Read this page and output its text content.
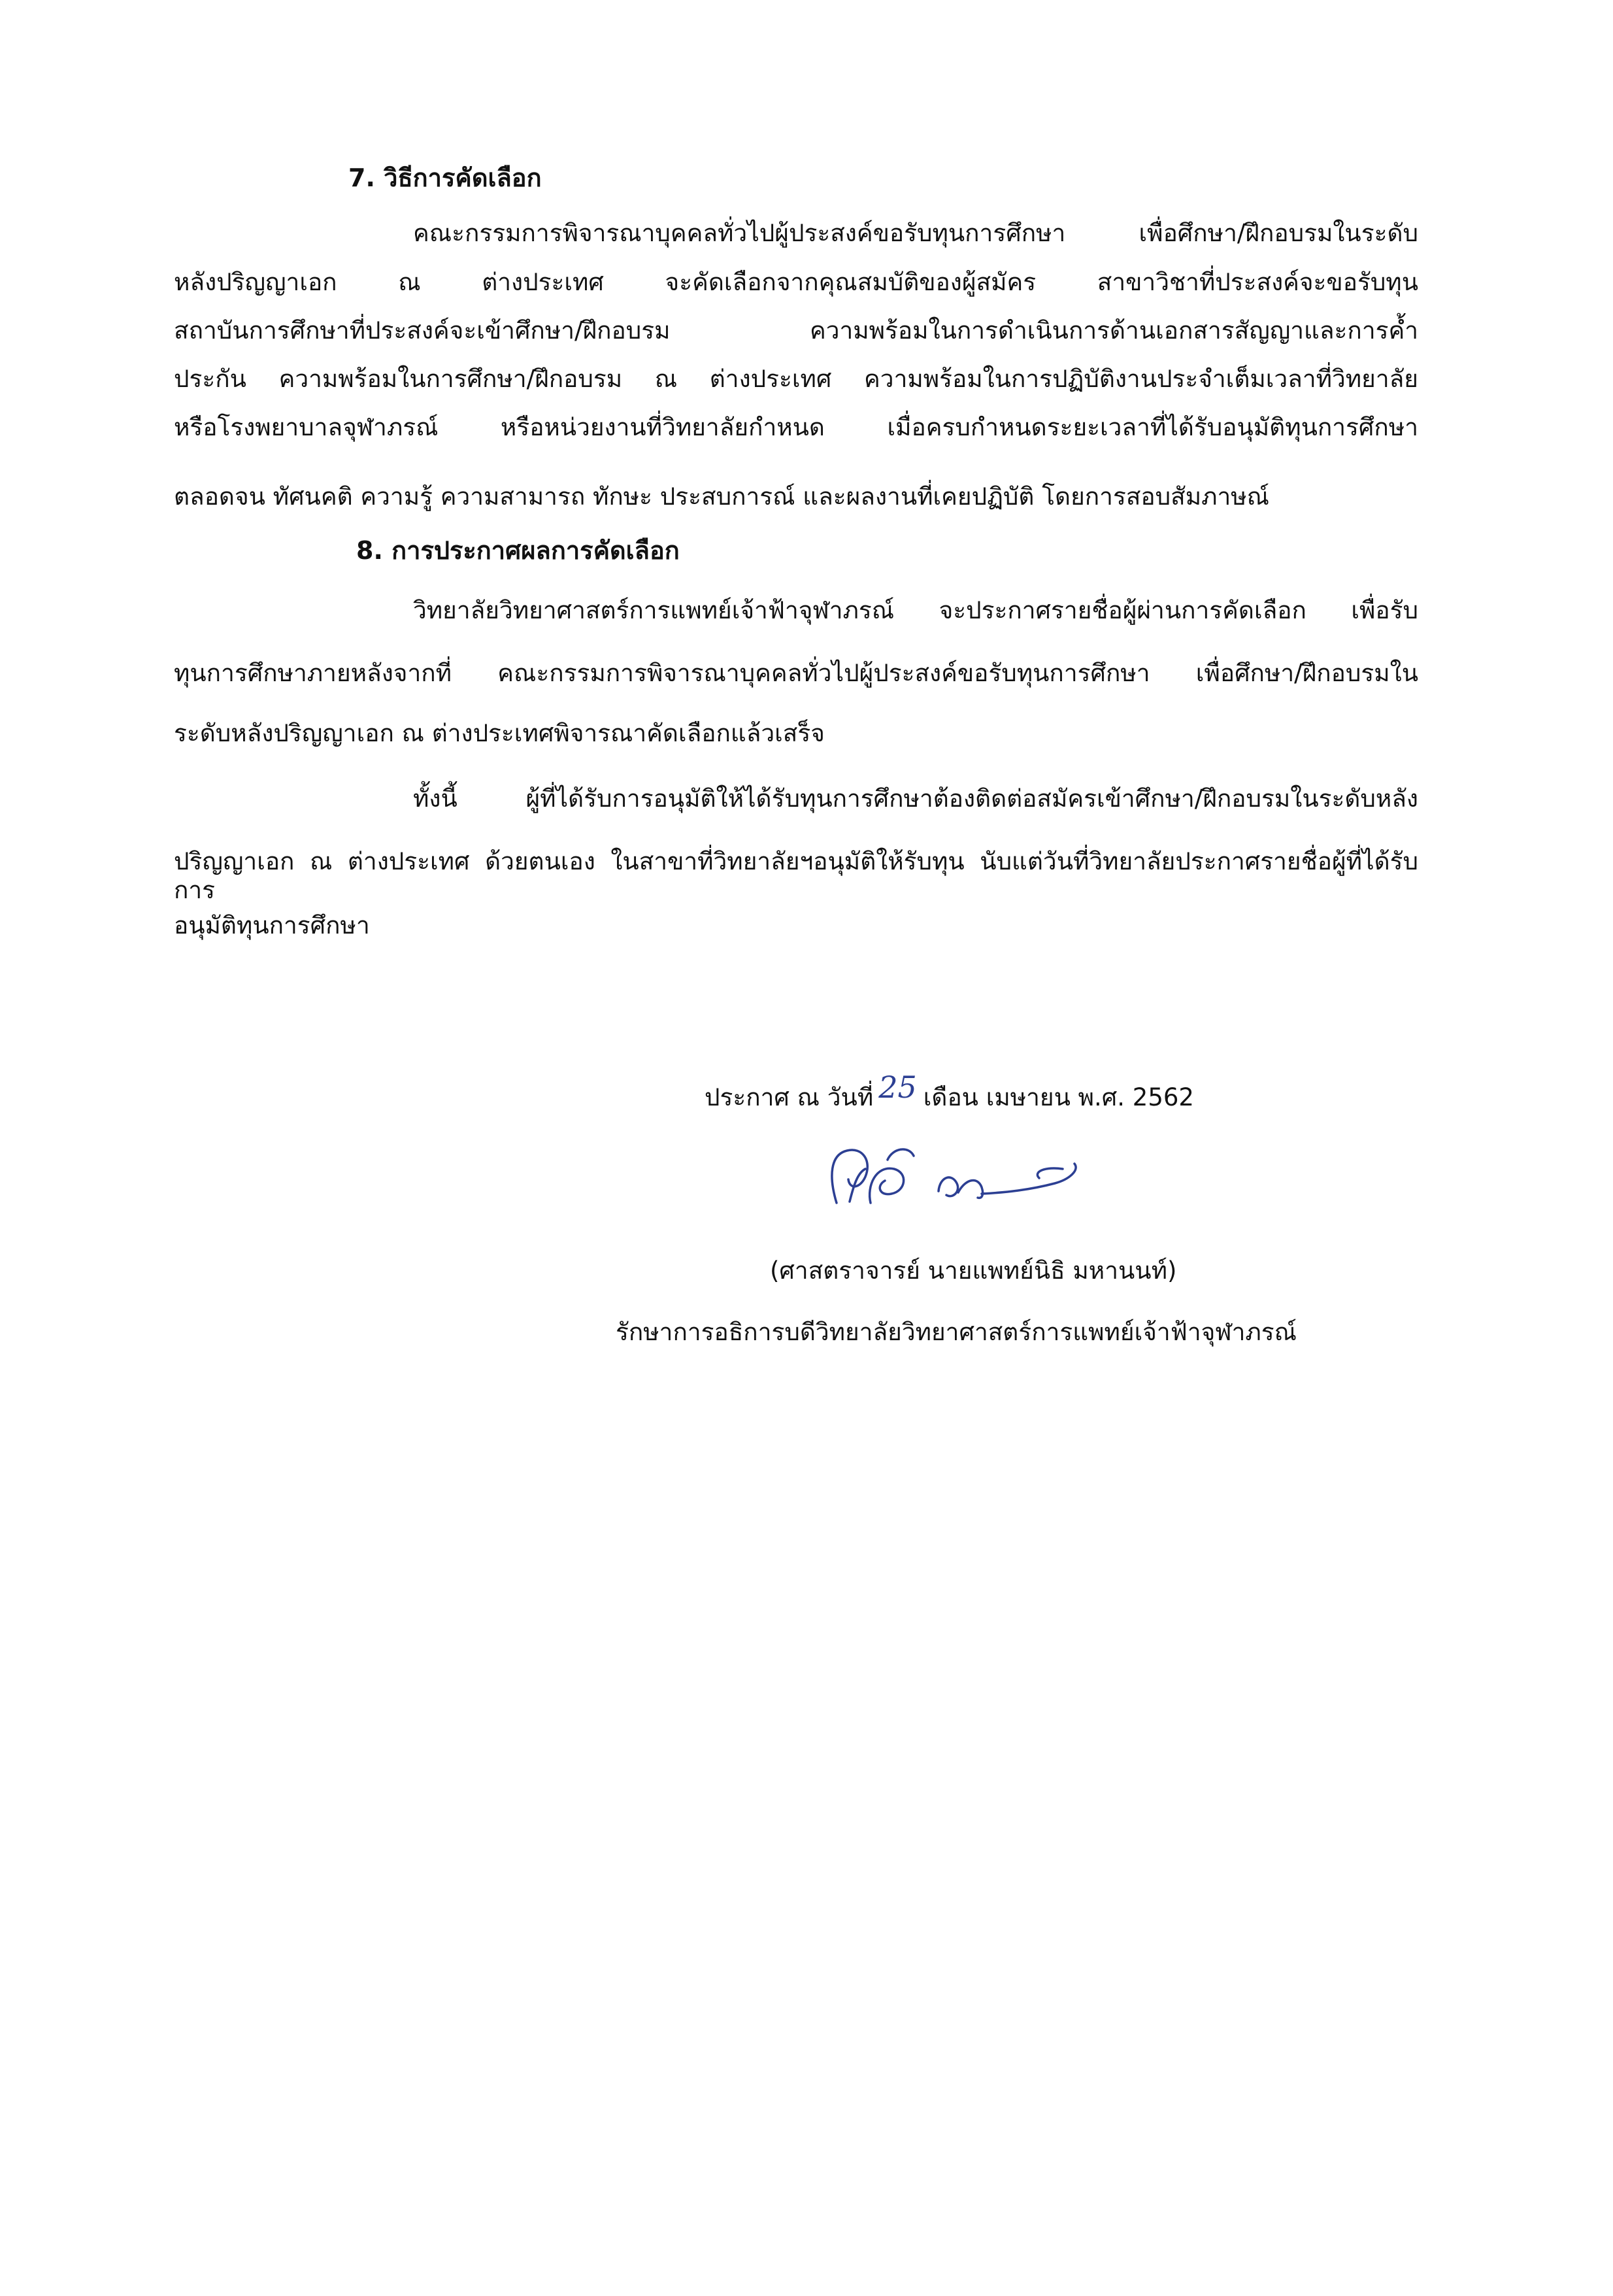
7. วิธีการคัดเลือก
คณะกรรมการพิจารณาบุคคลทั่วไปผู้ประสงค์ขอรับทุนการศึกษา เพื่อศึกษา/ฝึกอบรมในระดับ
หลังปริญญาเอก ณ ต่างประเทศ จะคัดเลือกจากคุณสมบัติของผู้สมัคร สาขาวิชาที่ประสงค์จะขอรับทุน
สถาบันการศึกษาที่ประสงค์จะเข้าศึกษา/ฝึกอบรม ความพร้อมในการดำเนินการด้านเอกสารสัญญาและการค้ำ
ประกัน ความพร้อมในการศึกษา/ฝึกอบรม ณ ต่างประเทศ ความพร้อมในการปฏิบัติงานประจำเต็มเวลาที่วิทยาลัย
หรือโรงพยาบาลจุฬาภรณ์ หรือหน่วยงานที่วิทยาลัยกำหนด เมื่อครบกำหนดระยะเวลาที่ได้รับอนุมัติทุนการศึกษา
ตลอดจน ทัศนคติ ความรู้ ความสามารถ ทักษะ ประสบการณ์ และผลงานที่เคยปฏิบัติ โดยการสอบสัมภาษณ์
8. การประกาศผลการคัดเลือก
วิทยาลัยวิทยาศาสตร์การแพทย์เจ้าฟ้าจุฬาภรณ์ จะประกาศรายชื่อผู้ผ่านการคัดเลือก เพื่อรับ
ทุนการศึกษาภายหลังจากที่ คณะกรรมการพิจารณาบุคคลทั่วไปผู้ประสงค์ขอรับทุนการศึกษา เพื่อศึกษา/ฝึกอบรมใน
ระดับหลังปริญญาเอก ณ ต่างประเทศพิจารณาคัดเลือกแล้วเสร็จ
ทั้งนี้ ผู้ที่ได้รับการอนุมัติให้ได้รับทุนการศึกษาต้องติดต่อสมัครเข้าศึกษา/ฝึกอบรมในระดับหลัง
ปริญญาเอก ณ ต่างประเทศ ด้วยตนเอง ในสาขาที่วิทยาลัยฯอนุมัติให้รับทุน นับแต่วันที่วิทยาลัยประกาศรายชื่อผู้ที่ได้รับการ
อนุมัติทุนการศึกษา
ประกาศ ณ วันที่ 25 เดือน เมษายน พ.ศ. 2562
(ศาสตราจารย์ นายแพทย์นิธิ มหานนท์)
รักษาการอธิการบดีวิทยาลัยวิทยาศาสตร์การแพทย์เจ้าฟ้าจุฬาภรณ์
